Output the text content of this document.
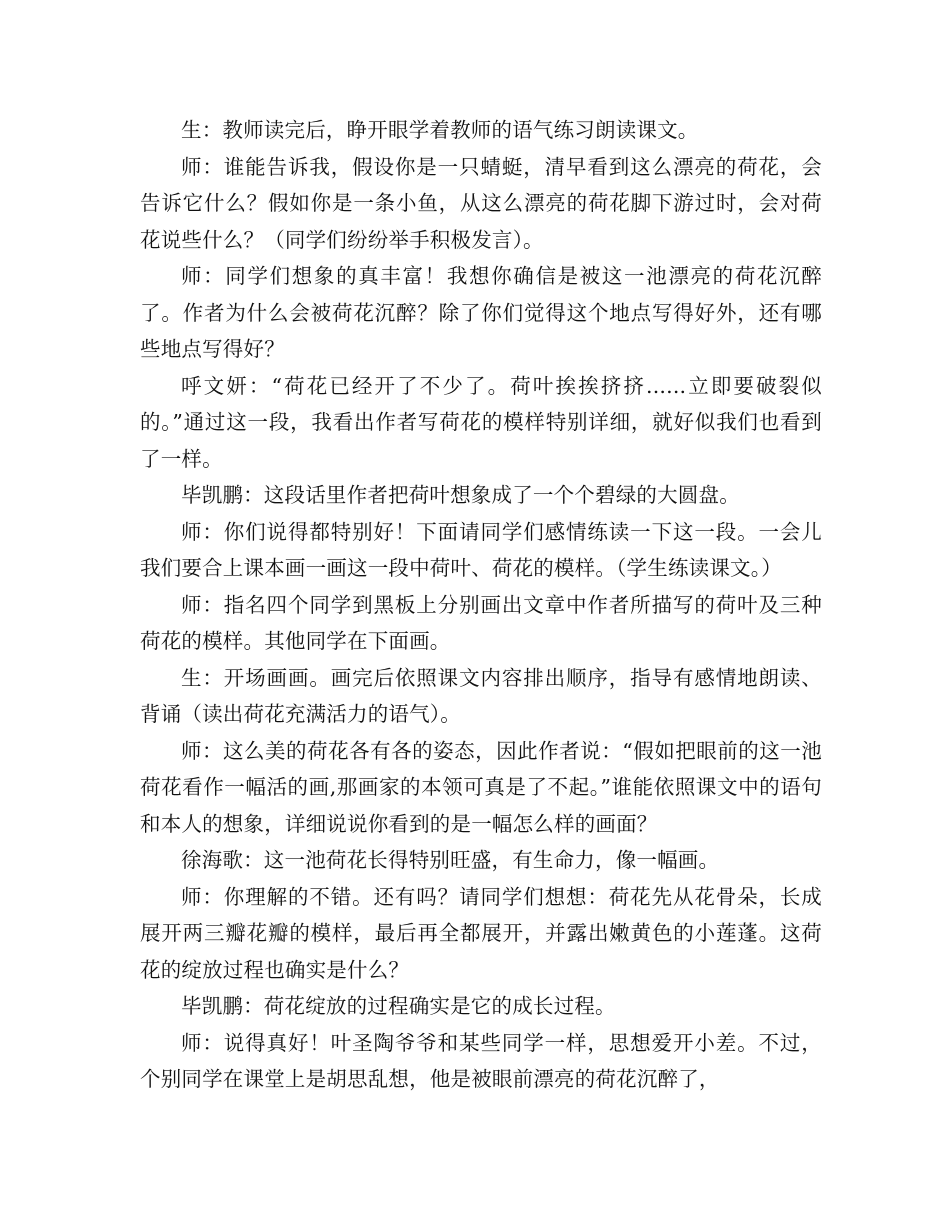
生：教师读完后，睁开眼学着教师的语气练习朗读课文。

师：谁能告诉我，假设你是一只蜻蜓，清早看到这么漂亮的荷花，会告诉它什么？假如你是一条小鱼，从这么漂亮的荷花脚下游过时，会对荷花说些什么？（同学们纷纷举手积极发言）。

师：同学们想象的真丰富！我想你确信是被这一池漂亮的荷花沉醉了。作者为什么会被荷花沉醉？除了你们觉得这个地点写得好外，还有哪些地点写得好？

呼文妍：“荷花已经开了不少了。荷叶挨挨挤挤......立即要破裂似的。”通过这一段，我看出作者写荷花的模样特别详细，就好似我们也看到了一样。

毕凯鹏：这段话里作者把荷叶想象成了一个个碧绿的大圆盘。

师：你们说得都特别好！下面请同学们感情练读一下这一段。一会儿我们要合上课本画一画这一段中荷叶、荷花的模样。（学生练读课文。）

师：指名四个同学到黑板上分别画出文章中作者所描写的荷叶及三种荷花的模样。其他同学在下面画。

生：开场画画。画完后依照课文内容排出顺序，指导有感情地朗读、背诵（读出荷花充满活力的语气）。

师：这么美的荷花各有各的姿态，因此作者说：“假如把眼前的这一池荷花看作一幅活的画,那画家的本领可真是了不起。”谁能依照课文中的语句和本人的想象，详细说说你看到的是一幅怎么样的画面？

徐海歌：这一池荷花长得特别旺盛，有生命力，像一幅画。

师：你理解的不错。还有吗？请同学们想想：荷花先从花骨朵，长成展开两三瓣花瓣的模样，最后再全都展开，并露出嫩黄色的小莲蓬。这荷花的绽放过程也确实是什么？

毕凯鹏：荷花绽放的过程确实是它的成长过程。

师：说得真好！叶圣陶爷爷和某些同学一样，思想爱开小差。不过，个别同学在课堂上是胡思乱想，他是被眼前漂亮的荷花沉醉了，
